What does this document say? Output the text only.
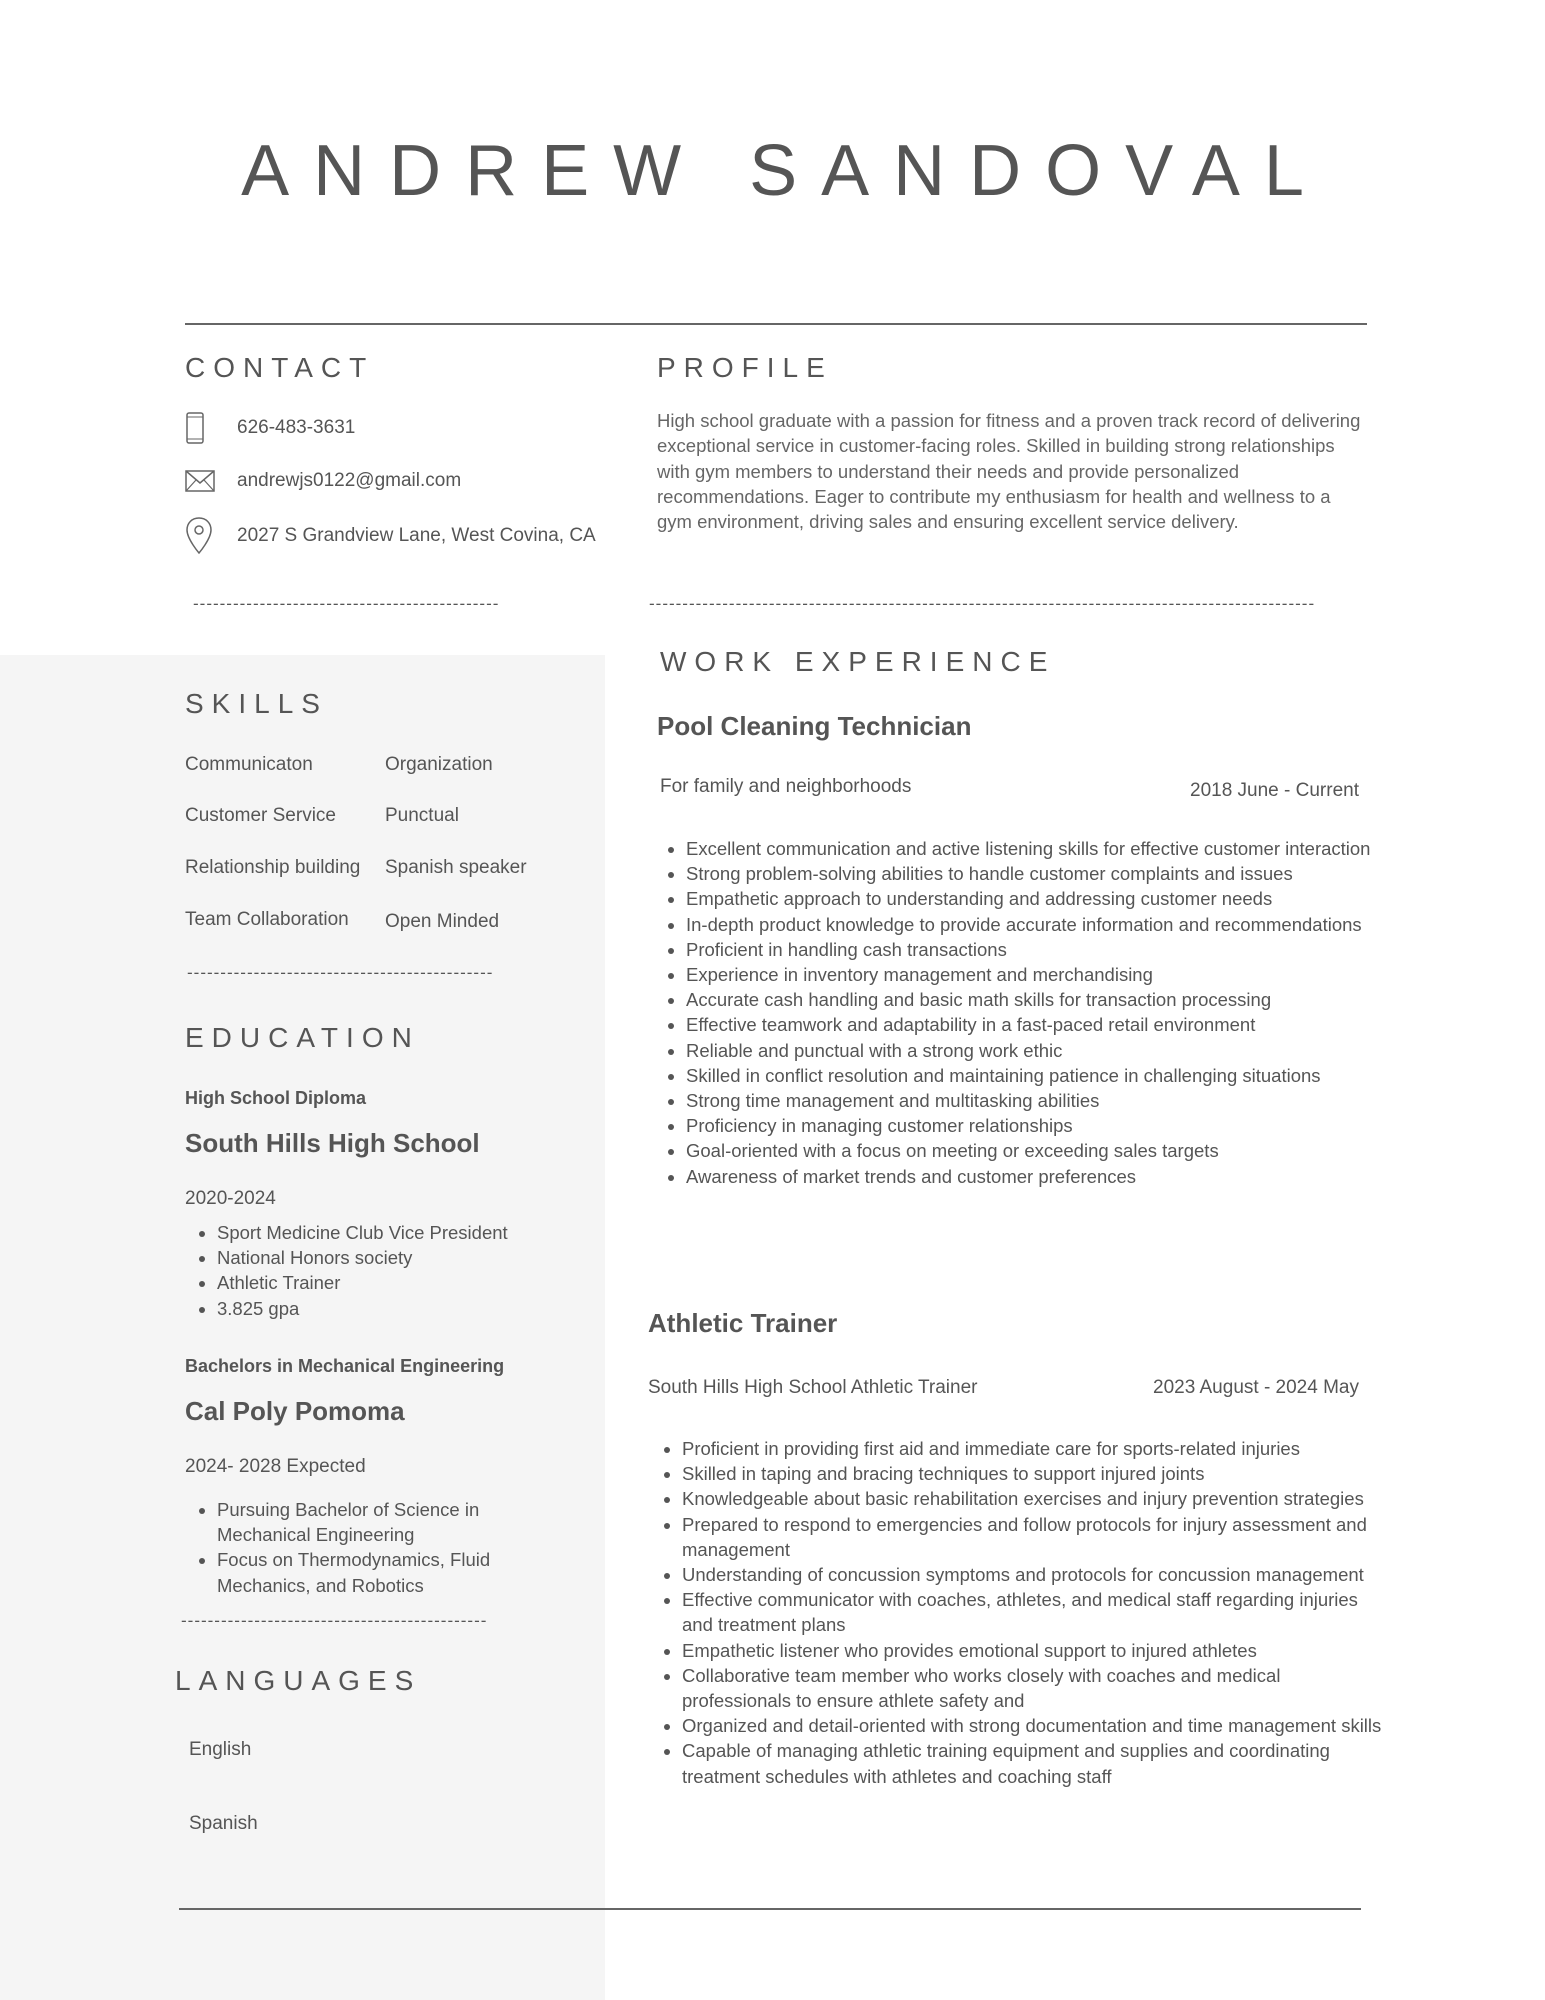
ANDREW SANDOVAL
CONTACT
626-483-3631
andrewjs0122@gmail.com
2027 S Grandview Lane, West Covina, CA
----------------------------------------------
PROFILE

High school graduate with a passion for fitness and a proven track record of delivering exceptional service in customer-facing roles. Skilled in building strong relationships with gym members to understand their needs and provide personalized recommendations. Eager to contribute my enthusiasm for health and wellness to a gym environment, driving sales and ensuring excellent service delivery.

----------------------------------------------------------------------------------------------------
SKILLS
Communicaton
Customer Service
Relationship building
Team Collaboration
Organization
Punctual
Spanish speaker
Open Minded
----------------------------------------------
EDUCATION
High School Diploma
South Hills High School
2020-2024
• Sport Medicine Club Vice President
• National Honors society
• Athletic Trainer
• 3.825 gpa
Bachelors in Mechanical Engineering
Cal Poly Pomoma
2024- 2028 Expected
• Pursuing Bachelor of Science in Mechanical Engineering
• Focus on Thermodynamics, Fluid Mechanics, and Robotics
----------------------------------------------
LANGUAGES
English
Spanish
WORK EXPERIENCE
Pool Cleaning Technician
For family and neighborhoods	2018 June - Current
• Excellent communication and active listening skills for effective customer interaction
• Strong problem-solving abilities to handle customer complaints and issues
• Empathetic approach to understanding and addressing customer needs
• In-depth product knowledge to provide accurate information and recommendations
• Proficient in handling cash transactions
• Experience in inventory management and merchandising
• Accurate cash handling and basic math skills for transaction processing
• Effective teamwork and adaptability in a fast-paced retail environment
• Reliable and punctual with a strong work ethic
• Skilled in conflict resolution and maintaining patience in challenging situations
• Strong time management and multitasking abilities
• Proficiency in managing customer relationships
• Goal-oriented with a focus on meeting or exceeding sales targets
• Awareness of market trends and customer preferences
Athletic Trainer
South Hills High School Athletic Trainer	2023 August - 2024 May
• Proficient in providing first aid and immediate care for sports-related injuries
• Skilled in taping and bracing techniques to support injured joints
• Knowledgeable about basic rehabilitation exercises and injury prevention strategies
• Prepared to respond to emergencies and follow protocols for injury assessment and management
• Understanding of concussion symptoms and protocols for concussion management
• Effective communicator with coaches, athletes, and medical staff regarding injuries and treatment plans
• Empathetic listener who provides emotional support to injured athletes
• Collaborative team member who works closely with coaches and medical professionals to ensure athlete safety and
• Organized and detail-oriented with strong documentation and time management skills
• Capable of managing athletic training equipment and supplies and coordinating treatment schedules with athletes and coaching staff
